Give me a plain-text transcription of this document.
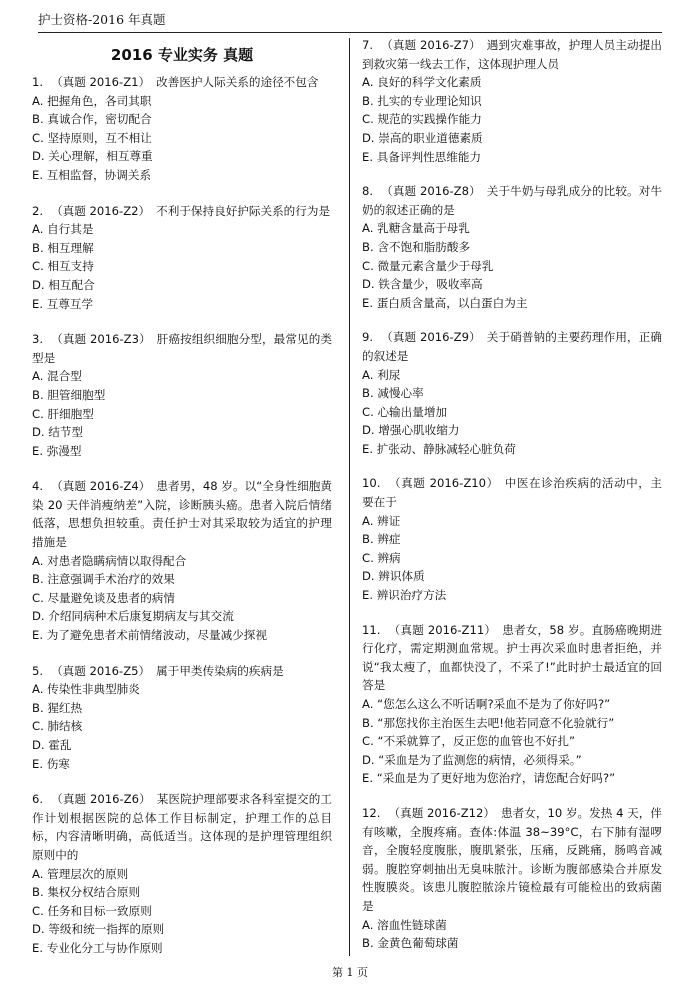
护士资格-2016 年真题
2016 专业实务 真题
1. （真题 2016-Z1） 改善医护人际关系的途径不包含
A. 把握角色，各司其职
B. 真诚合作，密切配合
C. 坚持原则，互不相让
D. 关心理解，相互尊重
E. 互相监督，协调关系
2. （真题 2016-Z2） 不利于保持良好护际关系的行为是
A. 自行其是
B. 相互理解
C. 相互支持
D. 相互配合
E. 互尊互学
3. （真题 2016-Z3） 肝癌按组织细胞分型，最常见的类型是
A. 混合型
B. 胆管细胞型
C. 肝细胞型
D. 结节型
E. 弥漫型
4. （真题 2016-Z4） 患者男，48 岁。以“全身性细胞黄染 20 天伴消瘦纳差”入院，诊断胰头癌。患者入院后情绪低落，思想负担较重。责任护士对其采取较为适宜的护理措施是
A. 对患者隐瞒病情以取得配合
B. 注意强调手术治疗的效果
C. 尽量避免谈及患者的病情
D. 介绍同病种术后康复期病友与其交流
E. 为了避免患者术前情绪波动，尽量减少探视
5. （真题 2016-Z5） 属于甲类传染病的疾病是
A. 传染性非典型肺炎
B. 猩红热
C. 肺结核
D. 霍乱
E. 伤寒
6. （真题 2016-Z6） 某医院护理部要求各科室提交的工作计划根据医院的总体工作目标制定，护理工作的总目标，内容清晰明确，高低适当。这体现的是护理管理组织原则中的
A. 管理层次的原则
B. 集权分权结合原则
C. 任务和目标一致原则
D. 等级和统一指挥的原则
E. 专业化分工与协作原则
7. （真题 2016-Z7） 遇到灾难事故，护理人员主动提出到救灾第一线去工作，这体现护理人员
A. 良好的科学文化素质
B. 扎实的专业理论知识
C. 规范的实践操作能力
D. 崇高的职业道德素质
E. 具备评判性思维能力
8. （真题 2016-Z8） 关于牛奶与母乳成分的比较。对牛奶的叙述正确的是
A. 乳糖含量高于母乳
B. 含不饱和脂肪酸多
C. 微量元素含量少于母乳
D. 铁含量少，吸收率高
E. 蛋白质含量高，以白蛋白为主
9. （真题 2016-Z9） 关于硝普钠的主要药理作用，正确的叙述是
A. 利尿
B. 减慢心率
C. 心输出量增加
D. 增强心肌收缩力
E. 扩张动、静脉减轻心脏负荷
10. （真题 2016-Z10） 中医在诊治疾病的活动中，主要在于
A. 辨证
B. 辨症
C. 辨病
D. 辨识体质
E. 辨识治疗方法
11. （真题 2016-Z11） 患者女，58 岁。直肠癌晚期进行化疗，需定期测血常规。护士再次采血时患者拒绝，并说“我太瘦了，血都快没了，不采了!”此时护士最适宜的回答是
A. “您怎么这么不听话啊?采血不是为了你好吗?”
B. “那您找你主治医生去吧!他若同意不化验就行”
C. “不采就算了，反正您的血管也不好扎”
D. “采血是为了监测您的病情，必须得采。”
E. “采血是为了更好地为您治疗，请您配合好吗?”
12. （真题 2016-Z12） 患者女，10 岁。发热 4 天，伴有咳嗽，全腹疼痛。查体:体温 38~39°C，右下肺有湿啰音，全腹轻度腹胀，腹肌紧张，压痛，反跳痛，肠鸣音减弱。腹腔穿刺抽出无臭味脓汁。诊断为腹部感染合并原发性腹膜炎。该患儿腹腔脓涂片镜检最有可能检出的致病菌是
A. 溶血性链球菌
B. 金黄色葡萄球菌
第 1 页
